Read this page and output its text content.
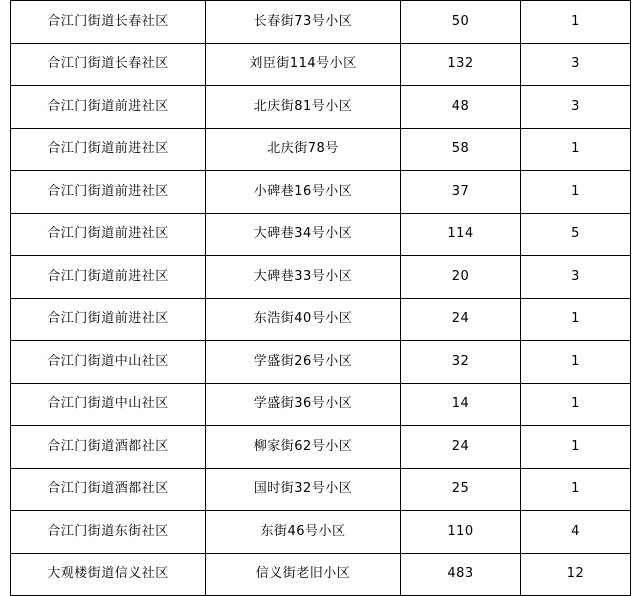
合江门街道长春社区	长春街73号小区	50	1
合江门街道长春社区	刘臣街114号小区	132	3
合江门街道前进社区	北庆街81号小区	48	3
合江门街道前进社区	北庆街78号	58	1
合江门街道前进社区	小碑巷16号小区	37	1
合江门街道前进社区	大碑巷34号小区	114	5
合江门街道前进社区	大碑巷33号小区	20	3
合江门街道前进社区	东浩街40号小区	24	1
合江门街道中山社区	学盛街26号小区	32	1
合江门街道中山社区	学盛街36号小区	14	1
合江门街道酒都社区	柳家街62号小区	24	1
合江门街道酒都社区	国时街32号小区	25	1
合江门街道东街社区	东街46号小区	110	4
大观楼街道信义社区	信义街老旧小区	483	12
